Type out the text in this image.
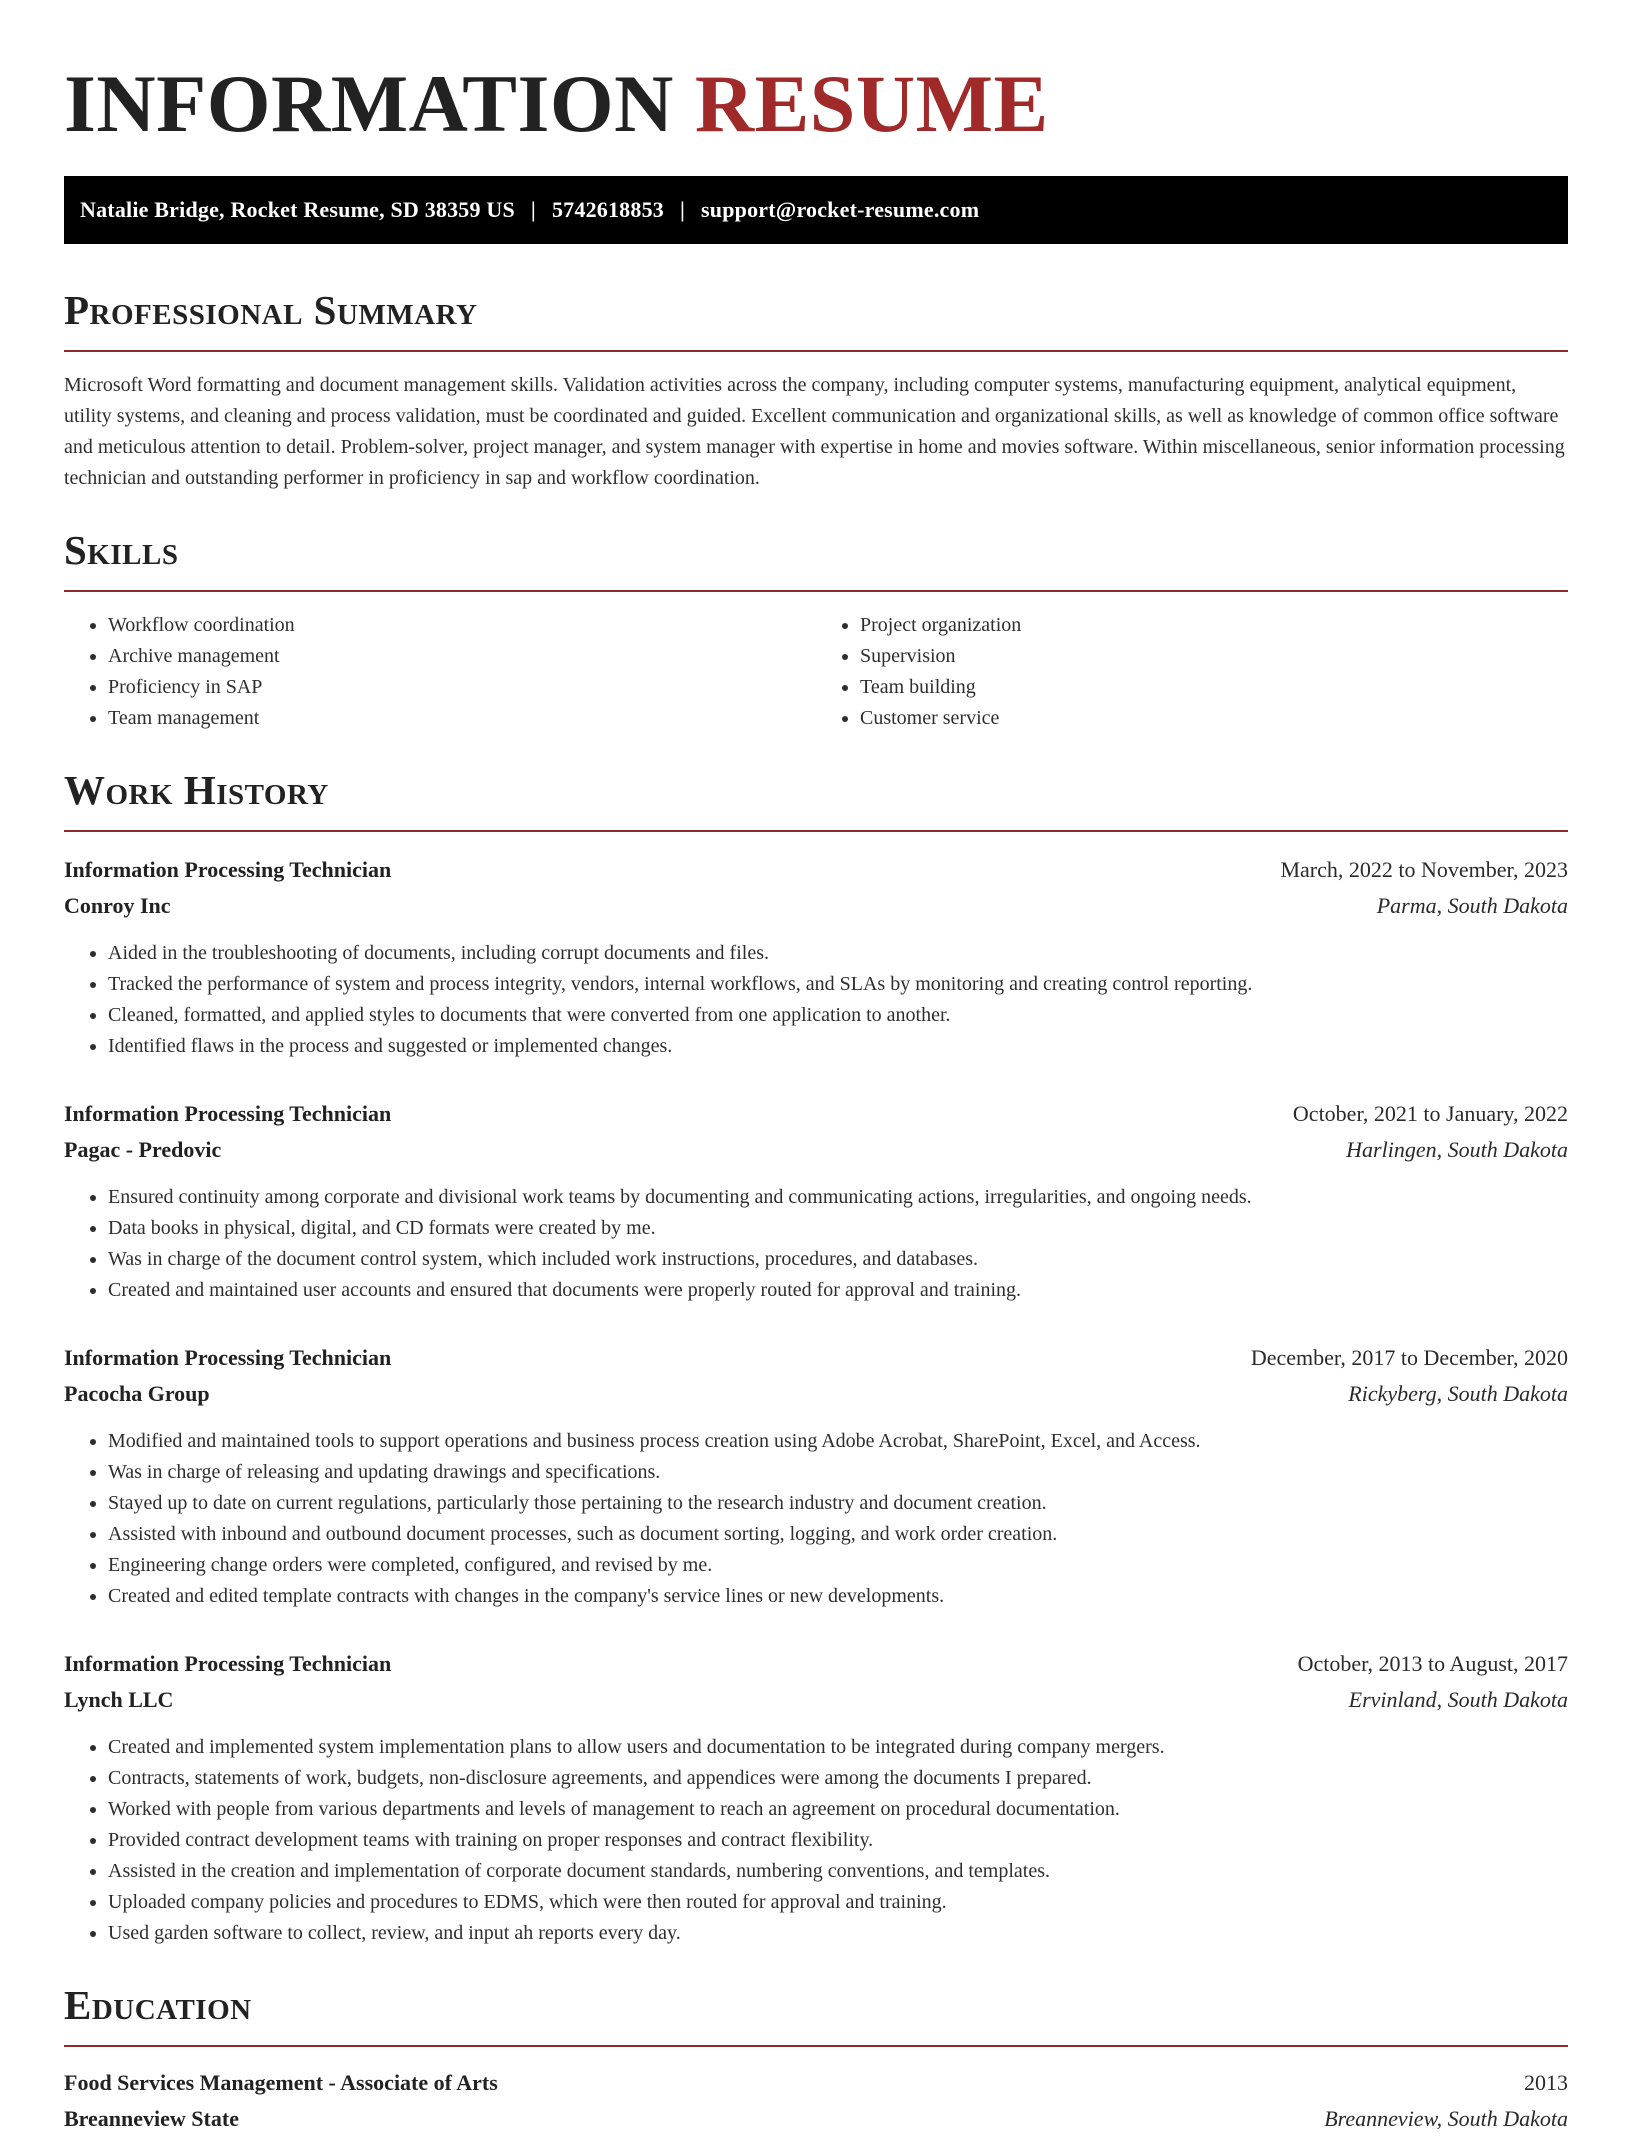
INFORMATION RESUME
Natalie Bridge, Rocket Resume, SD 38359 US | 5742618853 | support@rocket-resume.com
Professional Summary

Microsoft Word formatting and document management skills. Validation activities across the company, including computer systems, manufacturing equipment, analytical equipment, utility systems, and cleaning and process validation, must be coordinated and guided. Excellent communication and organizational skills, as well as knowledge of common office software and meticulous attention to detail. Problem-solver, project manager, and system manager with expertise in home and movies software. Within miscellaneous, senior information processing technician and outstanding performer in proficiency in sap and workflow coordination.

Skills
• Workflow coordination
• Archive management
• Proficiency in SAP
• Team management
• Project organization
• Supervision
• Team building
• Customer service
Work History
Information Processing Technician	March, 2022 to November, 2023
Conroy Inc	Parma, South Dakota
• Aided in the troubleshooting of documents, including corrupt documents and files.
• Tracked the performance of system and process integrity, vendors, internal workflows, and SLAs by monitoring and creating control reporting.
• Cleaned, formatted, and applied styles to documents that were converted from one application to another.
• Identified flaws in the process and suggested or implemented changes.
Information Processing Technician	October, 2021 to January, 2022
Pagac - Predovic	Harlingen, South Dakota
• Ensured continuity among corporate and divisional work teams by documenting and communicating actions, irregularities, and ongoing needs.
• Data books in physical, digital, and CD formats were created by me.
• Was in charge of the document control system, which included work instructions, procedures, and databases.
• Created and maintained user accounts and ensured that documents were properly routed for approval and training.
Information Processing Technician	December, 2017 to December, 2020
Pacocha Group	Rickyberg, South Dakota
• Modified and maintained tools to support operations and business process creation using Adobe Acrobat, SharePoint, Excel, and Access.
• Was in charge of releasing and updating drawings and specifications.
• Stayed up to date on current regulations, particularly those pertaining to the research industry and document creation.
• Assisted with inbound and outbound document processes, such as document sorting, logging, and work order creation.
• Engineering change orders were completed, configured, and revised by me.
• Created and edited template contracts with changes in the company's service lines or new developments.
Information Processing Technician	October, 2013 to August, 2017
Lynch LLC	Ervinland, South Dakota
• Created and implemented system implementation plans to allow users and documentation to be integrated during company mergers.
• Contracts, statements of work, budgets, non-disclosure agreements, and appendices were among the documents I prepared.
• Worked with people from various departments and levels of management to reach an agreement on procedural documentation.
• Provided contract development teams with training on proper responses and contract flexibility.
• Assisted in the creation and implementation of corporate document standards, numbering conventions, and templates.
• Uploaded company policies and procedures to EDMS, which were then routed for approval and training.
• Used garden software to collect, review, and input ah reports every day.
Education
Food Services Management - Associate of Arts	2013
Breanneview State	Breanneview, South Dakota
